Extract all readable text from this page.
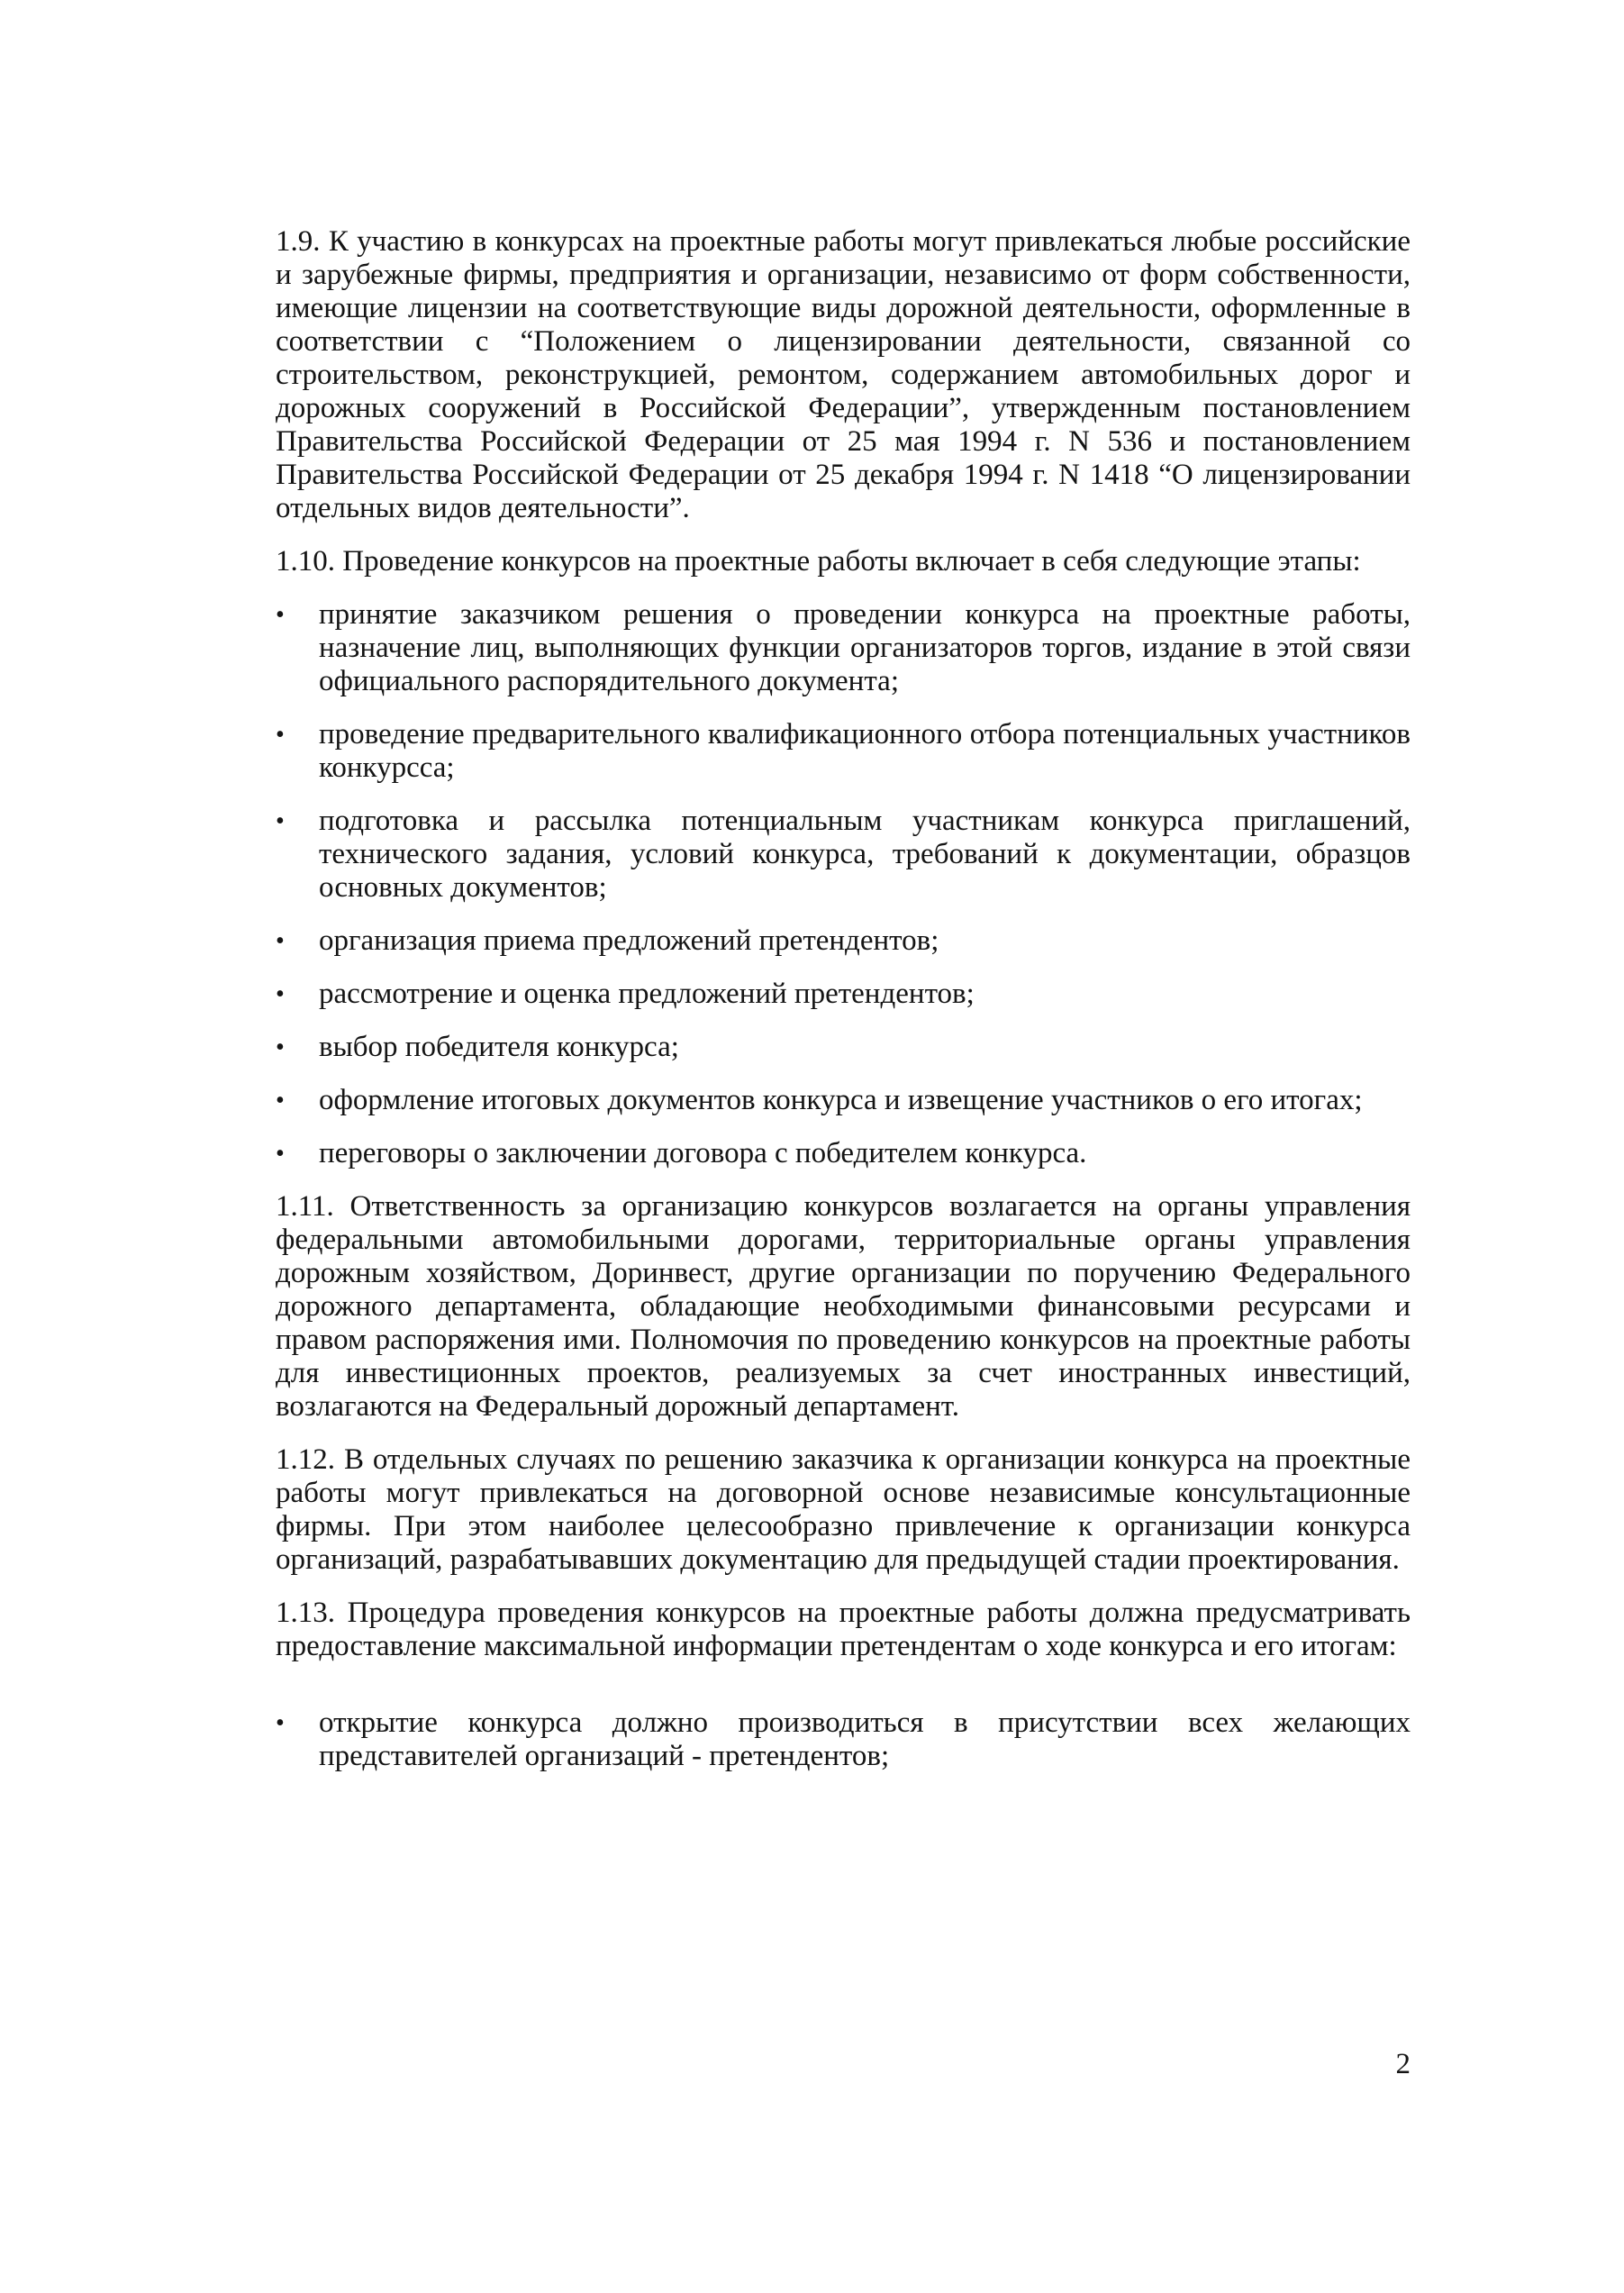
1.9. К участию в конкурсах на проектные работы могут привлекаться любые российские и зарубежные фирмы, предприятия и организации, независимо от форм собственности, имеющие лицензии на соответствующие виды дорожной деятельности, оформленные в соответствии с “Положением о лицензировании деятельности, связанной со строительством, реконструкцией, ремонтом, содержанием автомобильных дорог и дорожных сооружений в Российской Федерации”, утвержденным постановлением Правительства Российской Федерации от 25 мая 1994 г. N 536 и постановлением Правительства Российской Федерации от 25 декабря 1994 г. N 1418 “О лицензировании отдельных видов деятельности”.

1.10. Проведение конкурсов на проектные работы включает в себя следующие этапы:

•	принятие заказчиком решения о проведении конкурса на проектные работы, назначение лиц, выполняющих функции организаторов торгов, издание в этой связи официального распорядительного документа;
•	проведение предварительного квалификационного отбора потенциальных участников конкурсса;
•	подготовка и рассылка потенциальным участникам конкурса приглашений, технического задания, условий конкурса, требований к документации, образцов основных документов;
•	организация приема предложений претендентов;
•	рассмотрение и оценка предложений претендентов;
•	выбор победителя конкурса;
•	оформление итоговых документов конкурса и извещение участников о его итогах;
•	переговоры о заключении договора с победителем конкурса.

1.11. Ответственность за организацию конкурсов возлагается на органы управления федеральными автомобильными дорогами, территориальные органы управления дорожным хозяйством, Доринвест, другие организации по поручению Федерального дорожного департамента, обладающие необходимыми финансовыми ресурсами и правом распоряжения ими. Полномочия по проведению конкурсов на проектные работы для инвестиционных проектов, реализуемых за счет иностранных инвестиций, возлагаются на Федеральный дорожный департамент.

1.12. В отдельных случаях по решению заказчика к организации конкурса на проектные работы могут привлекаться на договорной основе независимые консультационные фирмы. При этом наиболее целесообразно привлечение к организации конкурса организаций, разрабатывавших документацию для предыдущей стадии проектирования.

1.13. Процедура проведения конкурсов на проектные работы должна предусматривать предоставление максимальной информации претендентам о ходе конкурса и его итогам:

•	открытие конкурса должно производиться в присутствии всех желающих представителей организаций - претендентов;
2
